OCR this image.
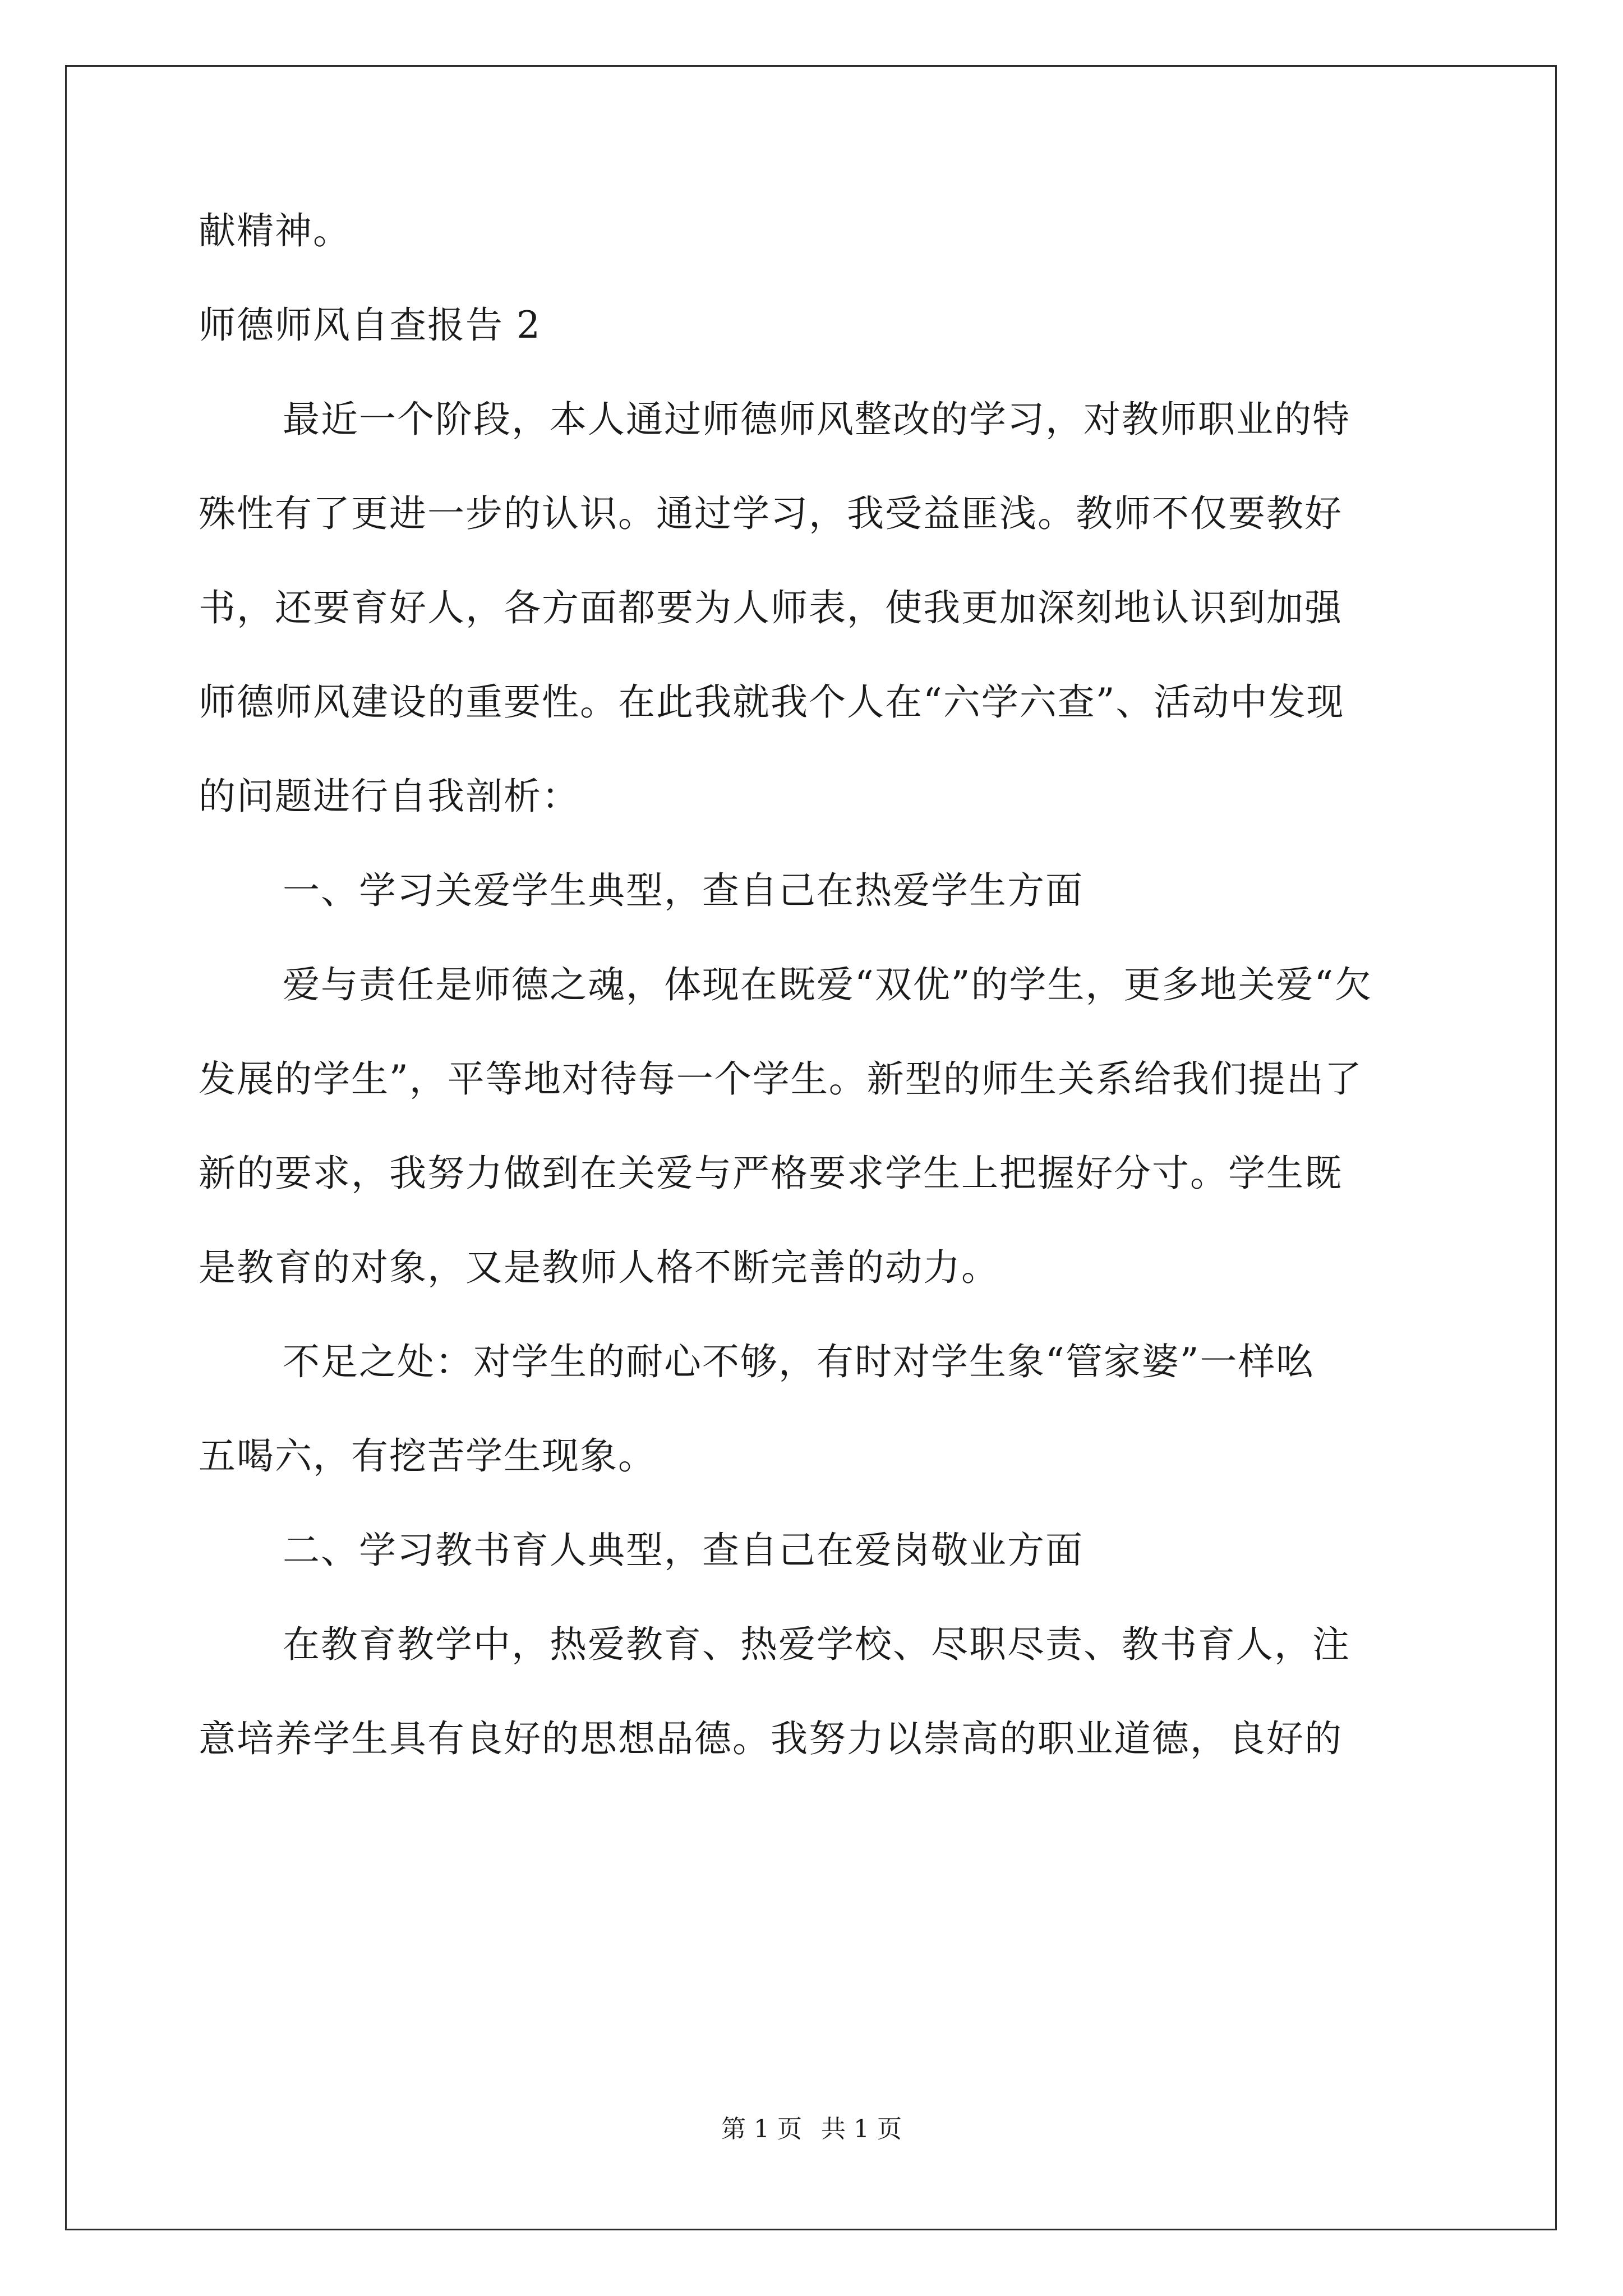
献精神。
师德师风自查报告 2
最近一个阶段，本人通过师德师风整改的学习，对教师职业的特
殊性有了更进一步的认识。通过学习，我受益匪浅。教师不仅要教好
书，还要育好人，各方面都要为人师表，使我更加深刻地认识到加强
师德师风建设的重要性。在此我就我个人在“六学六查”、活动中发现
的问题进行自我剖析：
一、学习关爱学生典型，查自己在热爱学生方面
爱与责任是师德之魂，体现在既爱“双优”的学生，更多地关爱“欠
发展的学生”，平等地对待每一个学生。新型的师生关系给我们提出了
新的要求，我努力做到在关爱与严格要求学生上把握好分寸。学生既
是教育的对象，又是教师人格不断完善的动力。
不足之处：对学生的耐心不够，有时对学生象“管家婆”一样吆
五喝六，有挖苦学生现象。
二、学习教书育人典型，查自己在爱岗敬业方面
在教育教学中，热爱教育、热爱学校、尽职尽责、教书育人，注
意培养学生具有良好的思想品德。我努力以崇高的职业道德，良好的
第 1 页 共 1 页
